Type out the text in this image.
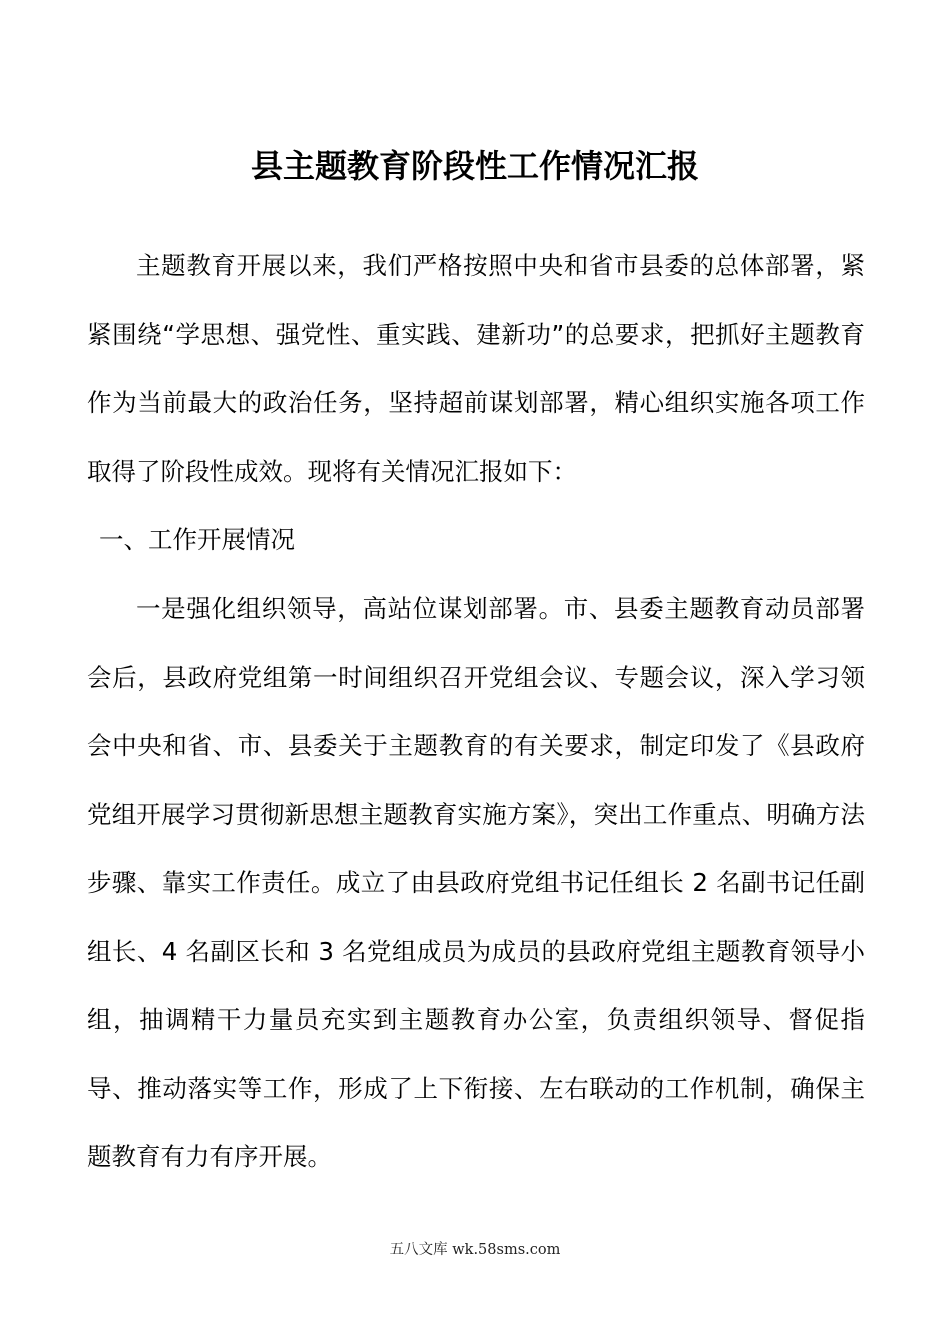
县主题教育阶段性工作情况汇报

主题教育开展以来，我们严格按照中央和省市县委的总体部署，紧紧围绕“学思想、强党性、重实践、建新功”的总要求，把抓好主题教育作为当前最大的政治任务，坚持超前谋划部署，精心组织实施各项工作取得了阶段性成效。现将有关情况汇报如下：

一、工作开展情况

一是强化组织领导，高站位谋划部署。市、县委主题教育动员部署会后，县政府党组第一时间组织召开党组会议、专题会议，深入学习领会中央和省、市、县委关于主题教育的有关要求，制定印发了《县政府党组开展学习贯彻新思想主题教育实施方案》，突出工作重点、明确方法步骤、靠实工作责任。成立了由县政府党组书记任组长 2 名副书记任副组长、4 名副区长和 3 名党组成员为成员的县政府党组主题教育领导小组，抽调精干力量员充实到主题教育办公室，负责组织领导、督促指导、推动落实等工作，形成了上下衔接、左右联动的工作机制，确保主题教育有力有序开展。

五八文库 wk.58sms.com
